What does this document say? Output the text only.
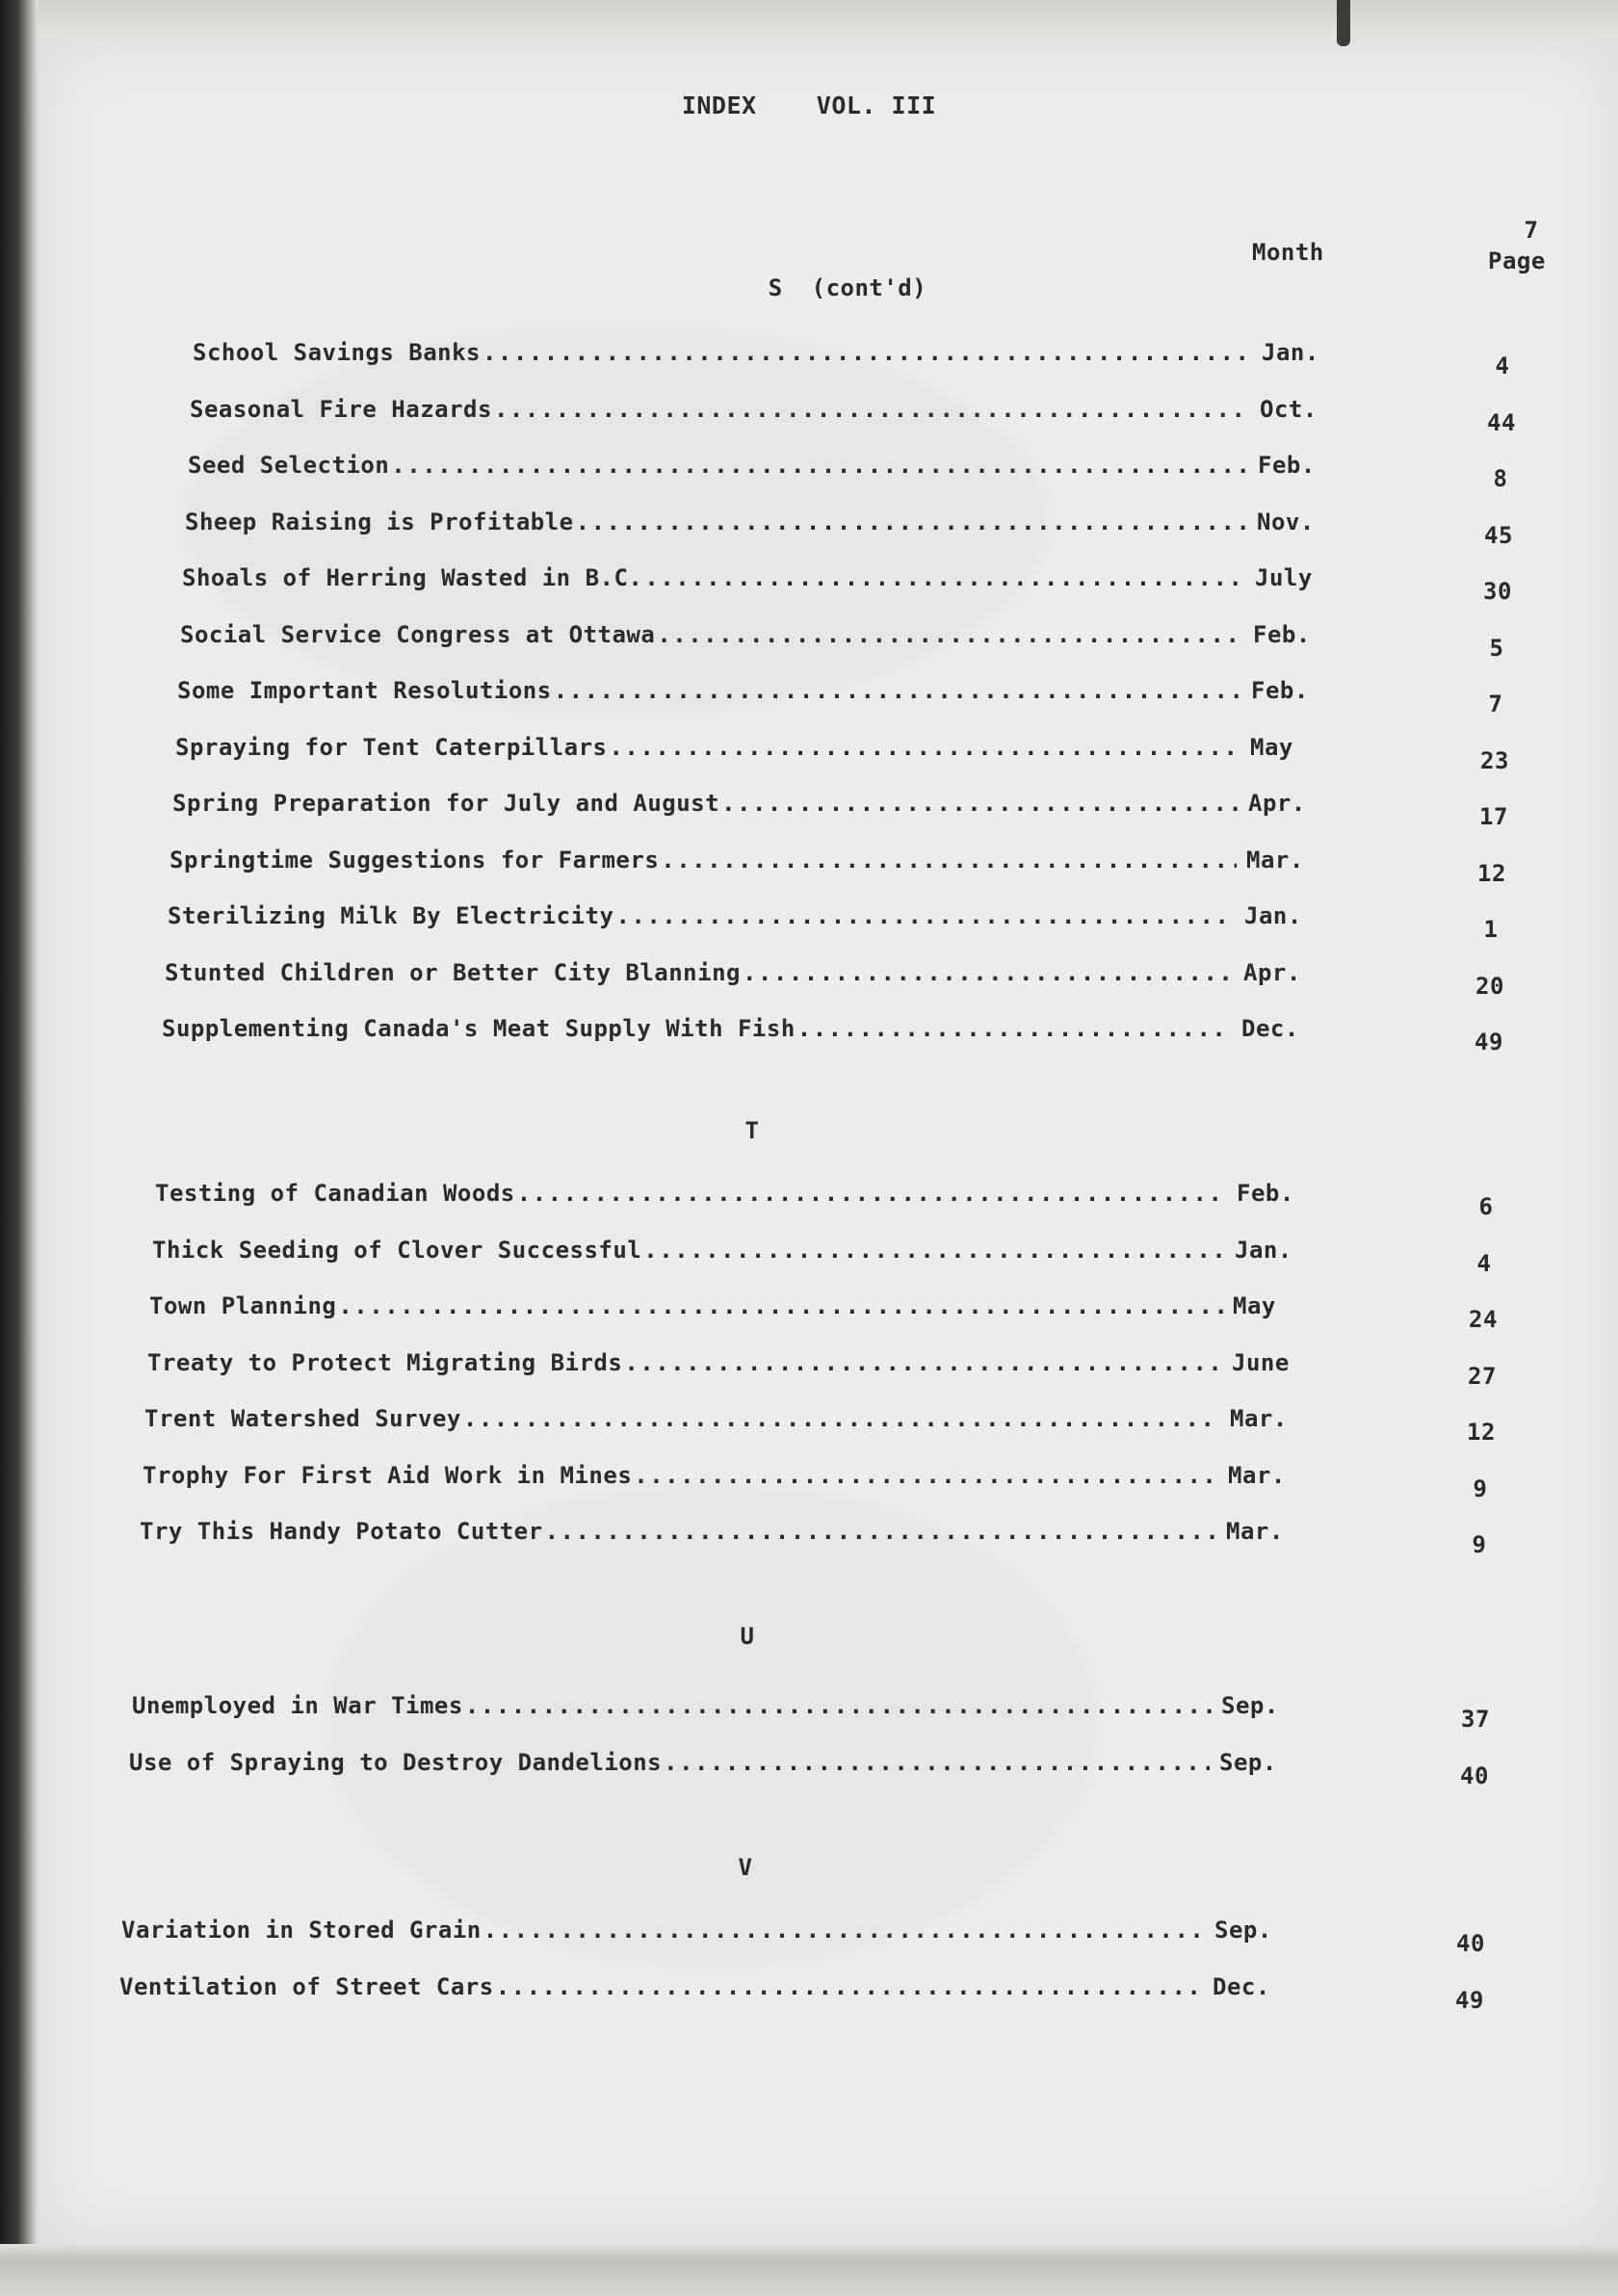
INDEX    VOL. III
7
Month	Page
S  (cont'd)
School Savings Banks .....	Jan.	4
Seasonal Fire Hazards .....	Oct.	44
Seed Selection .....	Feb.	8
Sheep Raising is Profitable .....	Nov.	45
Shoals of Herring Wasted in B.C. .....	July	30
Social Service Congress at Ottawa .....	Feb.	5
Some Important Resolutions .....	Feb.	7
Spraying for Tent Caterpillars .....	May	23
Spring Preparation for July and August .....	Apr.	17
Springtime Suggestions for Farmers .....	Mar.	12
Sterilizing Milk By Electricity .....	Jan.	1
Stunted Children or Better City Blanning .....	Apr.	20
Supplementing Canada's Meat Supply With Fish .....	Dec.	49
T
Testing of Canadian Woods .....	Feb.	6
Thick Seeding of Clover Successful .....	Jan.	4
Town Planning .....	May	24
Treaty to Protect Migrating Birds .....	June	27
Trent Watershed Survey .....	Mar.	12
Trophy For First Aid Work in Mines .....	Mar.	9
Try This Handy Potato Cutter .....	Mar.	9
U
Unemployed in War Times .....	Sep.	37
Use of Spraying to Destroy Dandelions .....	Sep.	40
V
Variation in Stored Grain .....	Sep.	40
Ventilation of Street Cars .....	Dec.	49
